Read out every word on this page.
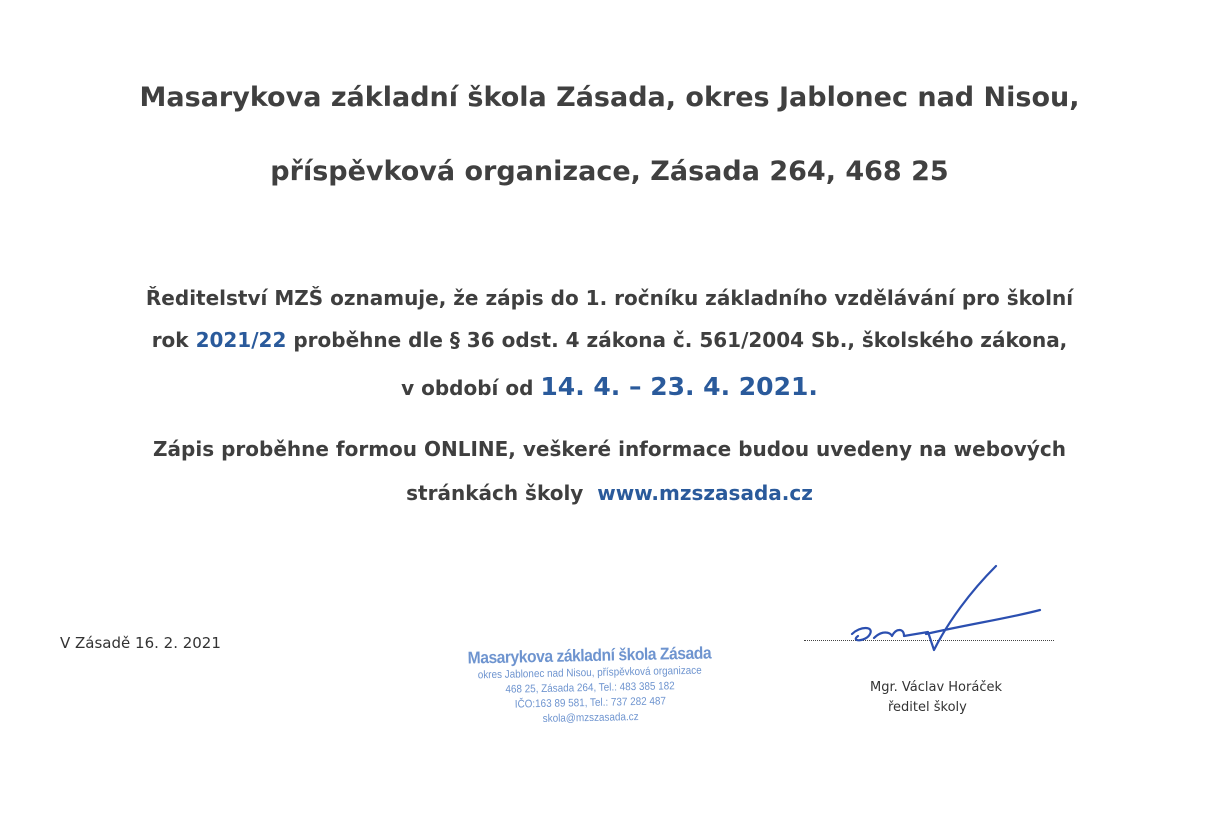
Masarykova základní škola Zásada, okres Jablonec nad Nisou,
příspěvková organizace, Zásada 264, 468 25
Ředitelství MZŠ oznamuje, že zápis do 1. ročníku základního vzdělávání pro školní
rok 2021/22 proběhne dle § 36 odst. 4 zákona č. 561/2004 Sb., školského zákona,
v období od 14. 4. – 23. 4. 2021.
Zápis proběhne formou ONLINE, veškeré informace budou uvedeny na webových
stránkách školy  www.mzszasada.cz
V Zásadě 16. 2. 2021
Masarykova základní škola Zásada
okres Jablonec nad Nisou, příspěvková organizace
468 25, Zásada 264, Tel.: 483 385 182
IČO:163 89 581, Tel.: 737 282 487
skola@mzszasada.cz
Mgr. Václav Horáček
ředitel školy
